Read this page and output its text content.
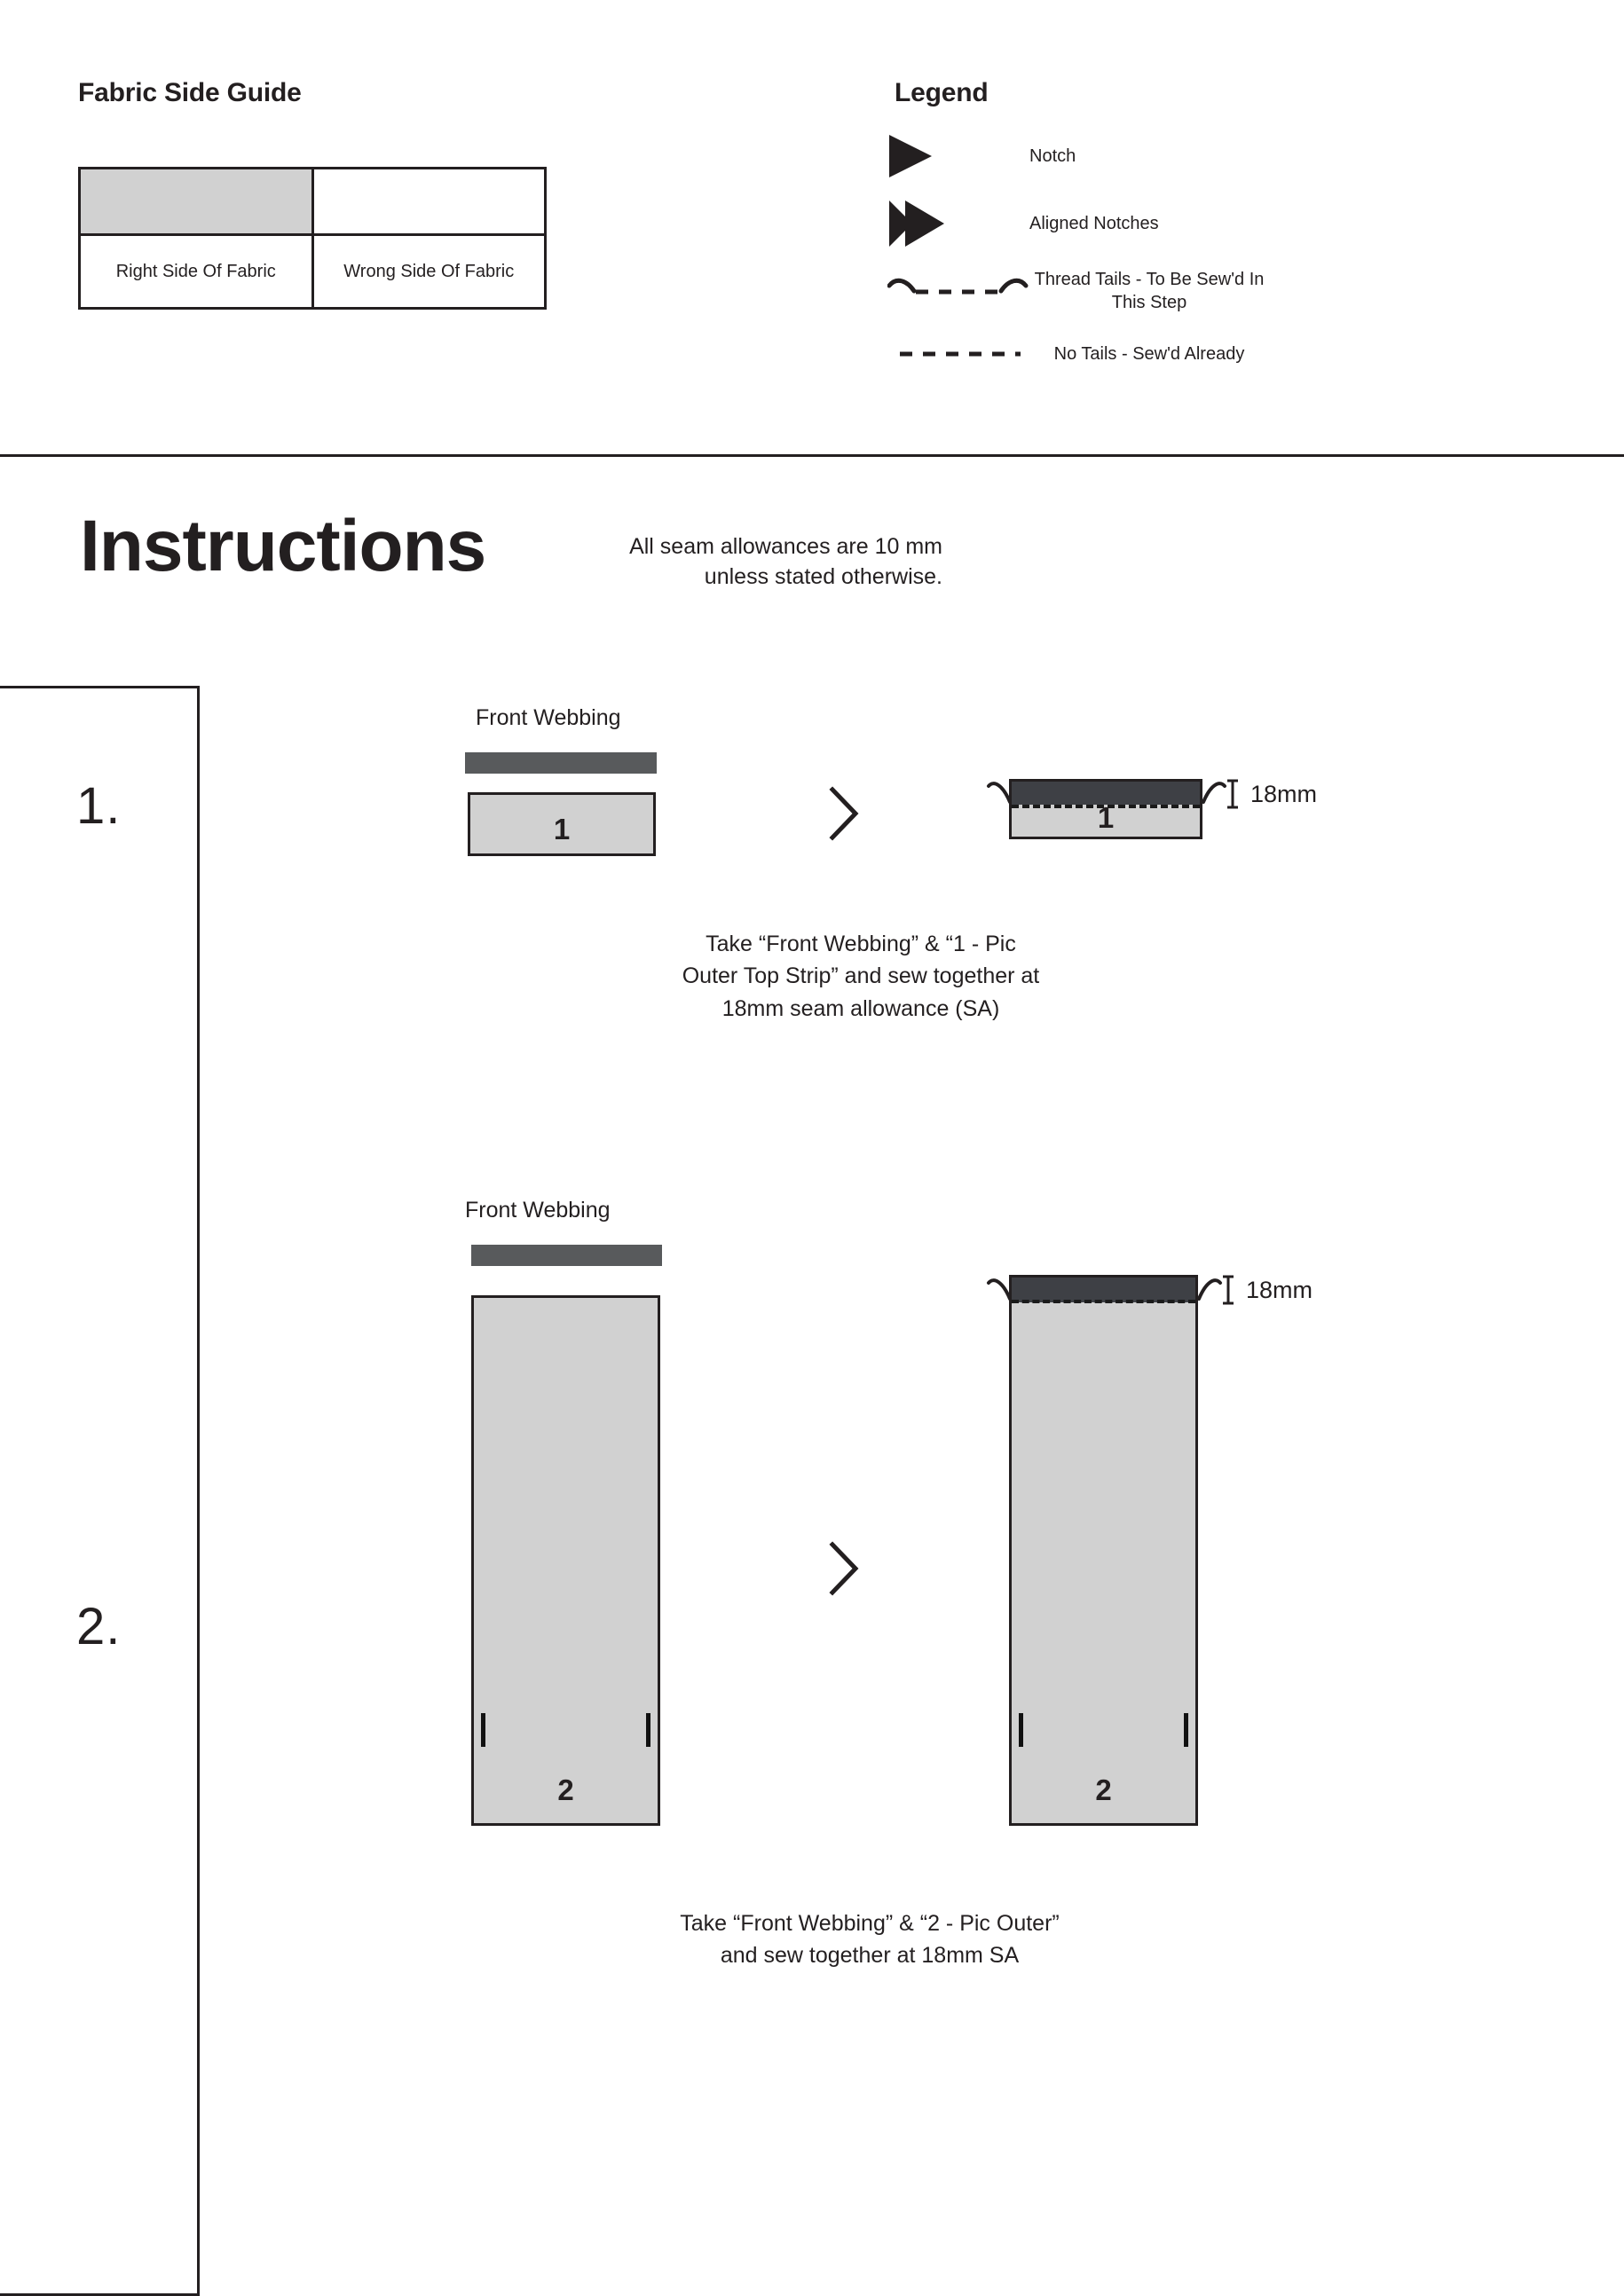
Fabric Side Guide

Right Side Of Fabric	Wrong Side Of Fabric
Legend
Notch
Aligned Notches
Thread Tails - To Be Sew'd In This Step
No Tails - Sew'd Already
Instructions	All seam allowances are 10 mm
unless stated otherwise.
1.
2.
Front Webbing
1	1
18mm
Take “Front Webbing” & “1 - Pic
Outer Top Strip” and sew together at
18mm seam allowance (SA)
Front Webbing
2	2
18mm
Take “Front Webbing” & “2 - Pic Outer”
and sew together at 18mm SA
